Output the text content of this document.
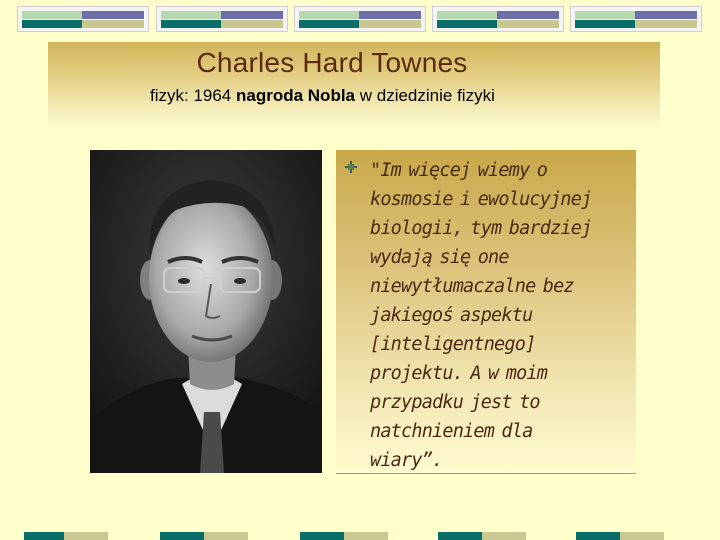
Charles Hard Townes
fizyk: 1964 nagroda Nobla w dziedzinie fizyki
"Im więcej wiemy o
kosmosie i ewolucyjnej
biologii, tym bardziej
wydają się one
niewytłumaczalne bez
jakiegoś aspektu
[inteligentnego]
projektu. A w moim
przypadku jest to
natchnieniem dla
wiary”.
